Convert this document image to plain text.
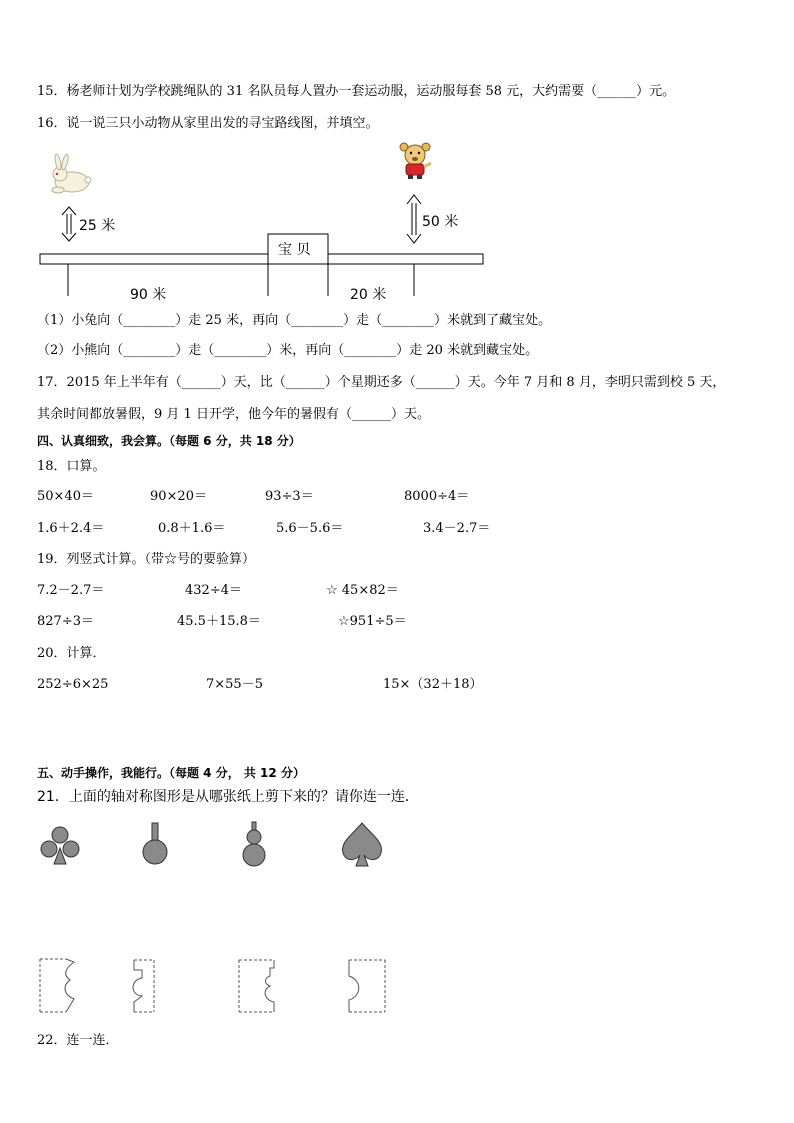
15．杨老师计划为学校跳绳队的 31 名队员每人置办一套运动服，运动服每套 58 元，大约需要（______）元。
16．说一说三只小动物从家里出发的寻宝路线图，并填空。
宝 贝
25 米	50 米
90 米	20 米
（1）小兔向（________）走 25 米，再向（________）走（________）米就到了藏宝处。
（2）小熊向（________）走（________）米，再向（________）走 20 米就到藏宝处。
17．2015 年上半年有（______）天，比（______）个星期还多（______）天。今年 7 月和 8 月，李明只需到校 5 天，
其余时间都放暑假，9 月 1 日开学，他今年的暑假有（______）天。
四、认真细致，我会算。（每题 6 分，共 18 分）
18．口算。
50×40＝	90×20＝	93÷3＝	8000÷4＝
1.6＋2.4＝	0.8＋1.6＝	5.6－5.6＝	3.4－2.7＝
19．列竖式计算。（带☆号的要验算）
7.2－2.7＝	432÷4＝	☆ 45×82＝
827÷3＝	45.5＋15.8＝	☆951÷5＝
20．计算．
252÷6×25	7×55－5	15×（32＋18）
五、动手操作，我能行。（每题 4 分， 共 12 分）
21．上面的轴对称图形是从哪张纸上剪下来的？请你连一连．
22．连一连．
